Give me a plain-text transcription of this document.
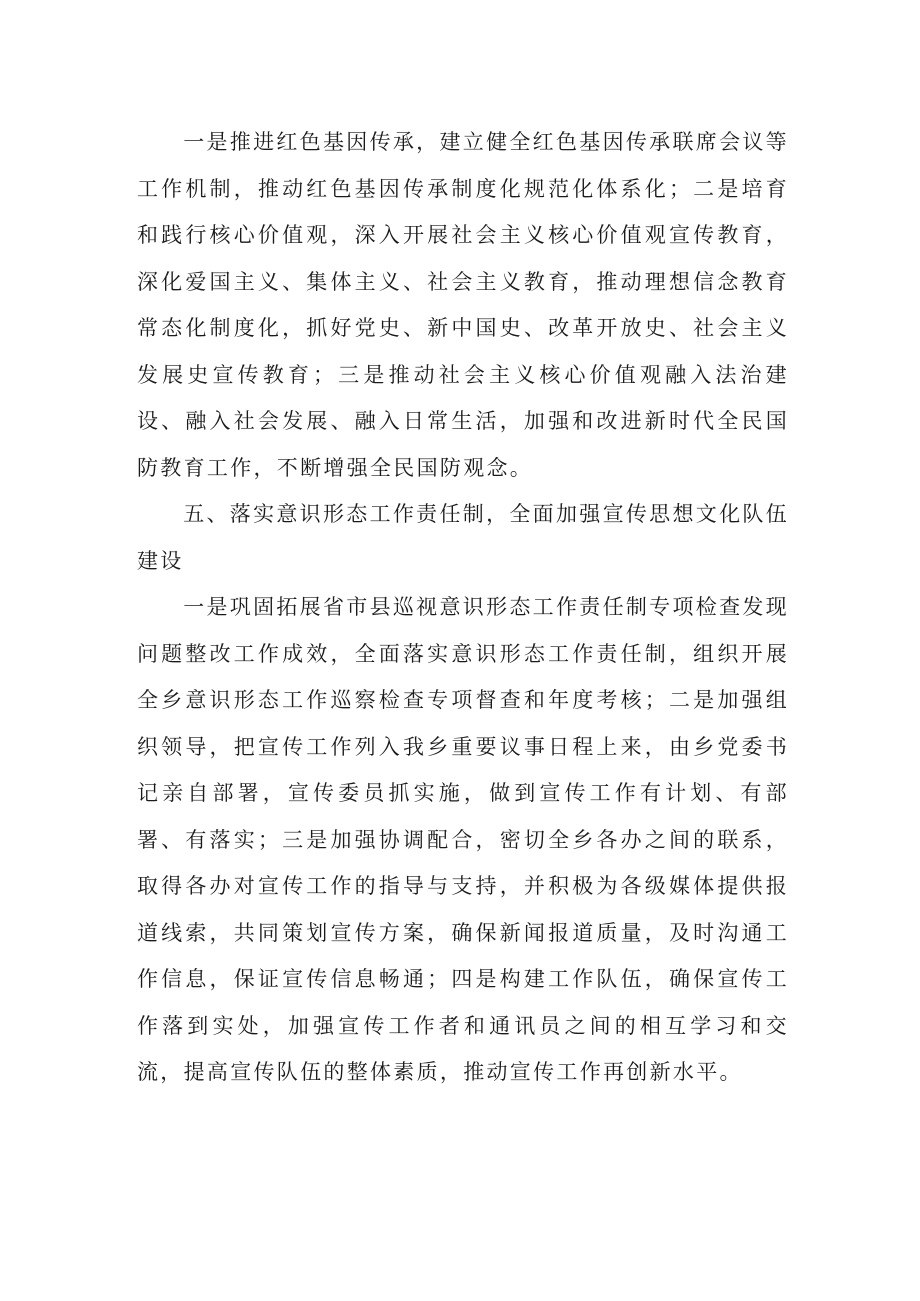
一是推进红色基因传承，建立健全红色基因传承联席会议等工作机制，推动红色基因传承制度化规范化体系化；二是培育和践行核心价值观，深入开展社会主义核心价值观宣传教育，深化爱国主义、集体主义、社会主义教育，推动理想信念教育常态化制度化，抓好党史、新中国史、改革开放史、社会主义发展史宣传教育；三是推动社会主义核心价值观融入法治建设、融入社会发展、融入日常生活，加强和改进新时代全民国防教育工作，不断增强全民国防观念。

五、落实意识形态工作责任制，全面加强宣传思想文化队伍建设

一是巩固拓展省市县巡视意识形态工作责任制专项检查发现问题整改工作成效，全面落实意识形态工作责任制，组织开展全乡意识形态工作巡察检查专项督查和年度考核；二是加强组织领导，把宣传工作列入我乡重要议事日程上来，由乡党委书记亲自部署，宣传委员抓实施，做到宣传工作有计划、有部署、有落实；三是加强协调配合，密切全乡各办之间的联系，取得各办对宣传工作的指导与支持，并积极为各级媒体提供报道线索，共同策划宣传方案，确保新闻报道质量，及时沟通工作信息，保证宣传信息畅通；四是构建工作队伍，确保宣传工作落到实处，加强宣传工作者和通讯员之间的相互学习和交流，提高宣传队伍的整体素质，推动宣传工作再创新水平。
